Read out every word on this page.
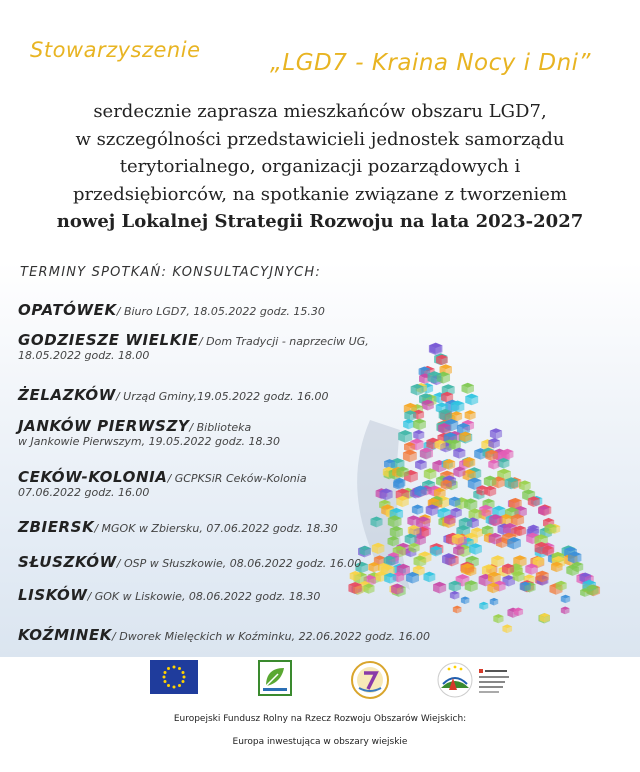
Stowarzyszenie	„LGD7 - Kraina Nocy i Dni”
serdecznie zaprasza mieszkańców obszaru LGD7,
w szczególności przedstawicieli jednostek samorządu
terytorialnego, organizacji pozarządowych i
przedsiębiorców, na spotkanie związane z tworzeniem
nowej Lokalnej Strategii Rozwoju na lata 2023-2027
TERMINY SPOTKAŃ: KONSULTACYJNYCH:
OPATÓWEK/ Biuro LGD7, 18.05.2022 godz. 15.30
GODZIESZE WIELKIE/ Dom Tradycji - naprzeciw UG,
18.05.2022 godz. 18.00
ŻELAZKÓW/ Urząd Gminy,19.05.2022 godz. 16.00
JANKÓW PIERWSZY/ Biblioteka
w Jankowie Pierwszym, 19.05.2022 godz. 18.30
CEKÓW-KOLONIA/ GCPKSiR Ceków-Kolonia
07.06.2022 godz. 16.00
ZBIERSK/ MGOK w Zbiersku, 07.06.2022 godz. 18.30
SŁUSZKÓW/ OSP w Słuszkowie, 08.06.2022 godz. 16.00
LISKÓW/ GOK w Liskowie, 08.06.2022 godz. 18.30
KOŹMINEK/ Dworek Mielęckich w Koźminku, 22.06.2022 godz. 16.00
Europejski Fundusz Rolny na Rzecz Rozwoju Obszarów Wiejskich:
Europa inwestująca w obszary wiejskie
